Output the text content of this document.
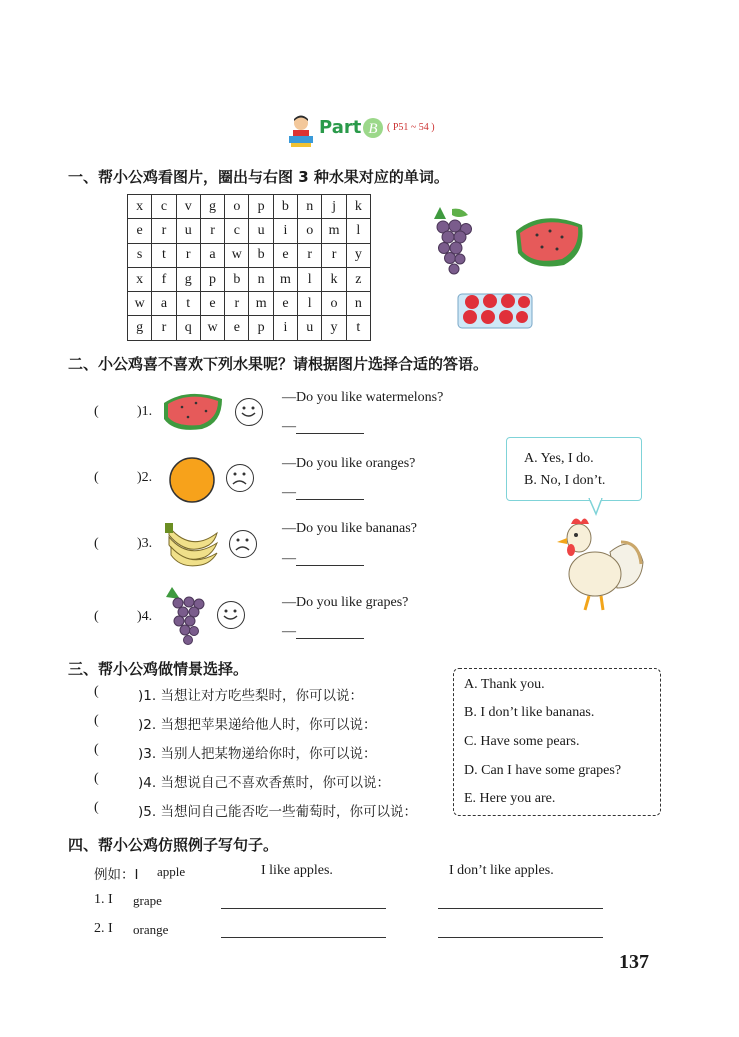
Part B ( P51 ~ 54 )
一、帮小公鸡看图片，圈出与右图 3 种水果对应的单词。
x	c	v	g	o	p	b	n	j	k
e	r	u	r	c	u	i	o	m	l
s	t	r	a	w	b	e	r	r	y
x	f	g	p	b	n	m	l	k	z
w	a	t	e	r	m	e	l	o	n
g	r	q	w	e	p	i	u	y	t
二、小公鸡喜不喜欢下列水果呢？请根据图片选择合适的答语。
(	)1.
—Do you like watermelons?
—
(	)2.
—Do you like oranges?
—
(	)3.
—Do you like bananas?
—
(	)4.
—Do you like grapes?
—
A. Yes, I do.
B. No, I don’t.
三、帮小公鸡做情景选择。
(	)1. 当想让对方吃些梨时，你可以说：
(	)2. 当想把苹果递给他人时，你可以说：
(	)3. 当别人把某物递给你时，你可以说：
(	)4. 当想说自己不喜欢香蕉时，你可以说：
(	)5. 当想问自己能否吃一些葡萄时，你可以说：
A. Thank you.
B. I don’t like bananas.
C. Have some pears.
D. Can I have some grapes?
E. Here you are.
四、帮小公鸡仿照例子写句子。
例如：I apple	I like apples.	I don’t like apples.
1. I grape
2. I orange
137
